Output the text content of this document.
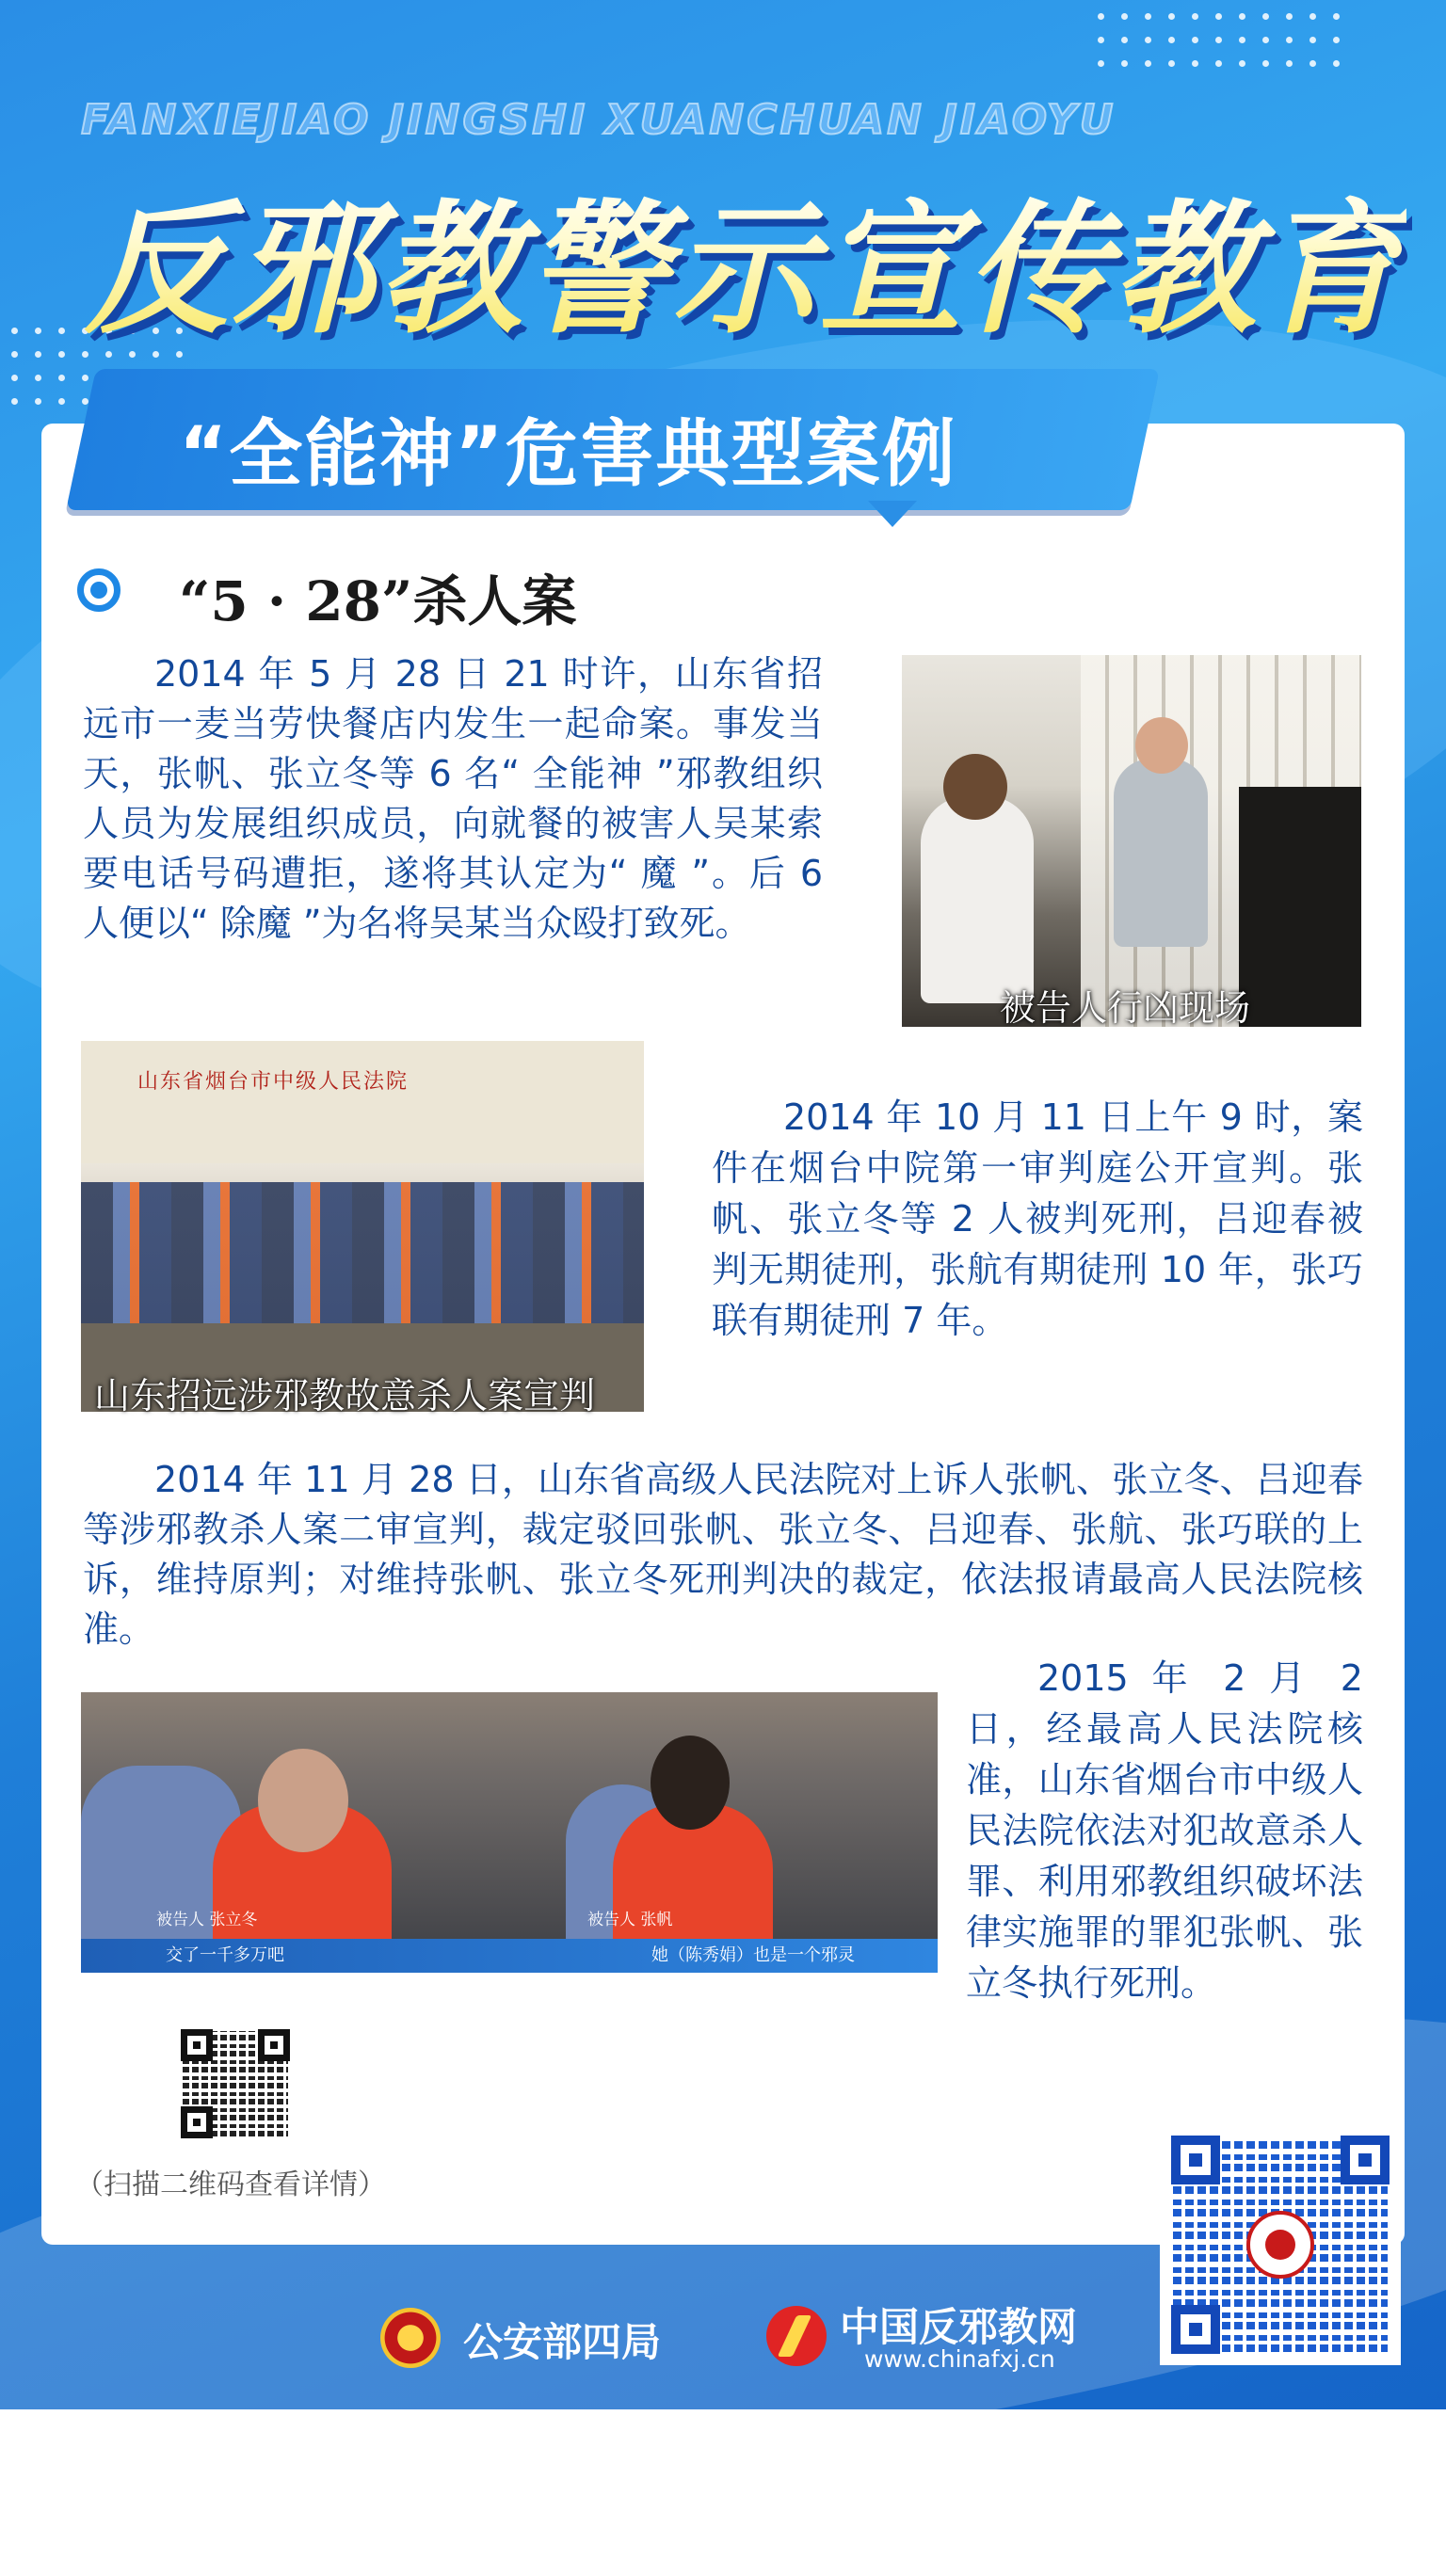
FANXIEJIAO JINGSHI XUANCHUAN JIAOYU
反邪教警示宣传教育
“全能神”危害典型案例
“5 · 28”杀人案

2014 年 5 月 28 日 21 时许，山东省招远市一麦当劳快餐店内发生一起命案。事发当天，张帆、张立冬等 6 名“ 全能神 ”邪教组织人员为发展组织成员，向就餐的被害人吴某索要电话号码遭拒，遂将其认定为“ 魔 ”。后 6 人便以“ 除魔 ”为名将吴某当众殴打致死。

被告人行凶现场
山东省烟台市中级人民法院
山东招远涉邪教故意杀人案宣判

2014 年 10 月 11 日上午 9 时，案件在烟台中院第一审判庭公开宣判。张帆、张立冬等 2 人被判死刑，吕迎春被判无期徒刑，张航有期徒刑 10 年，张巧联有期徒刑 7 年。

2014 年 11 月 28 日，山东省高级人民法院对上诉人张帆、张立冬、吕迎春等涉邪教杀人案二审宣判，裁定驳回张帆、张立冬、吕迎春、张航、张巧联的上诉，维持原判；对维持张帆、张立冬死刑判决的裁定，依法报请最高人民法院核准。

被告人 张立冬
交了一千多万吧
被告人 张帆
她（陈秀娟）也是一个邪灵

2015 年 2 月 2 日，经最高人民法院核准，山东省烟台市中级人民法院依法对犯故意杀人罪、利用邪教组织破坏法律实施罪的罪犯张帆、张立冬执行死刑。

（扫描二维码查看详情）
公安部四局	中国反邪教网
www.chinafxj.cn
